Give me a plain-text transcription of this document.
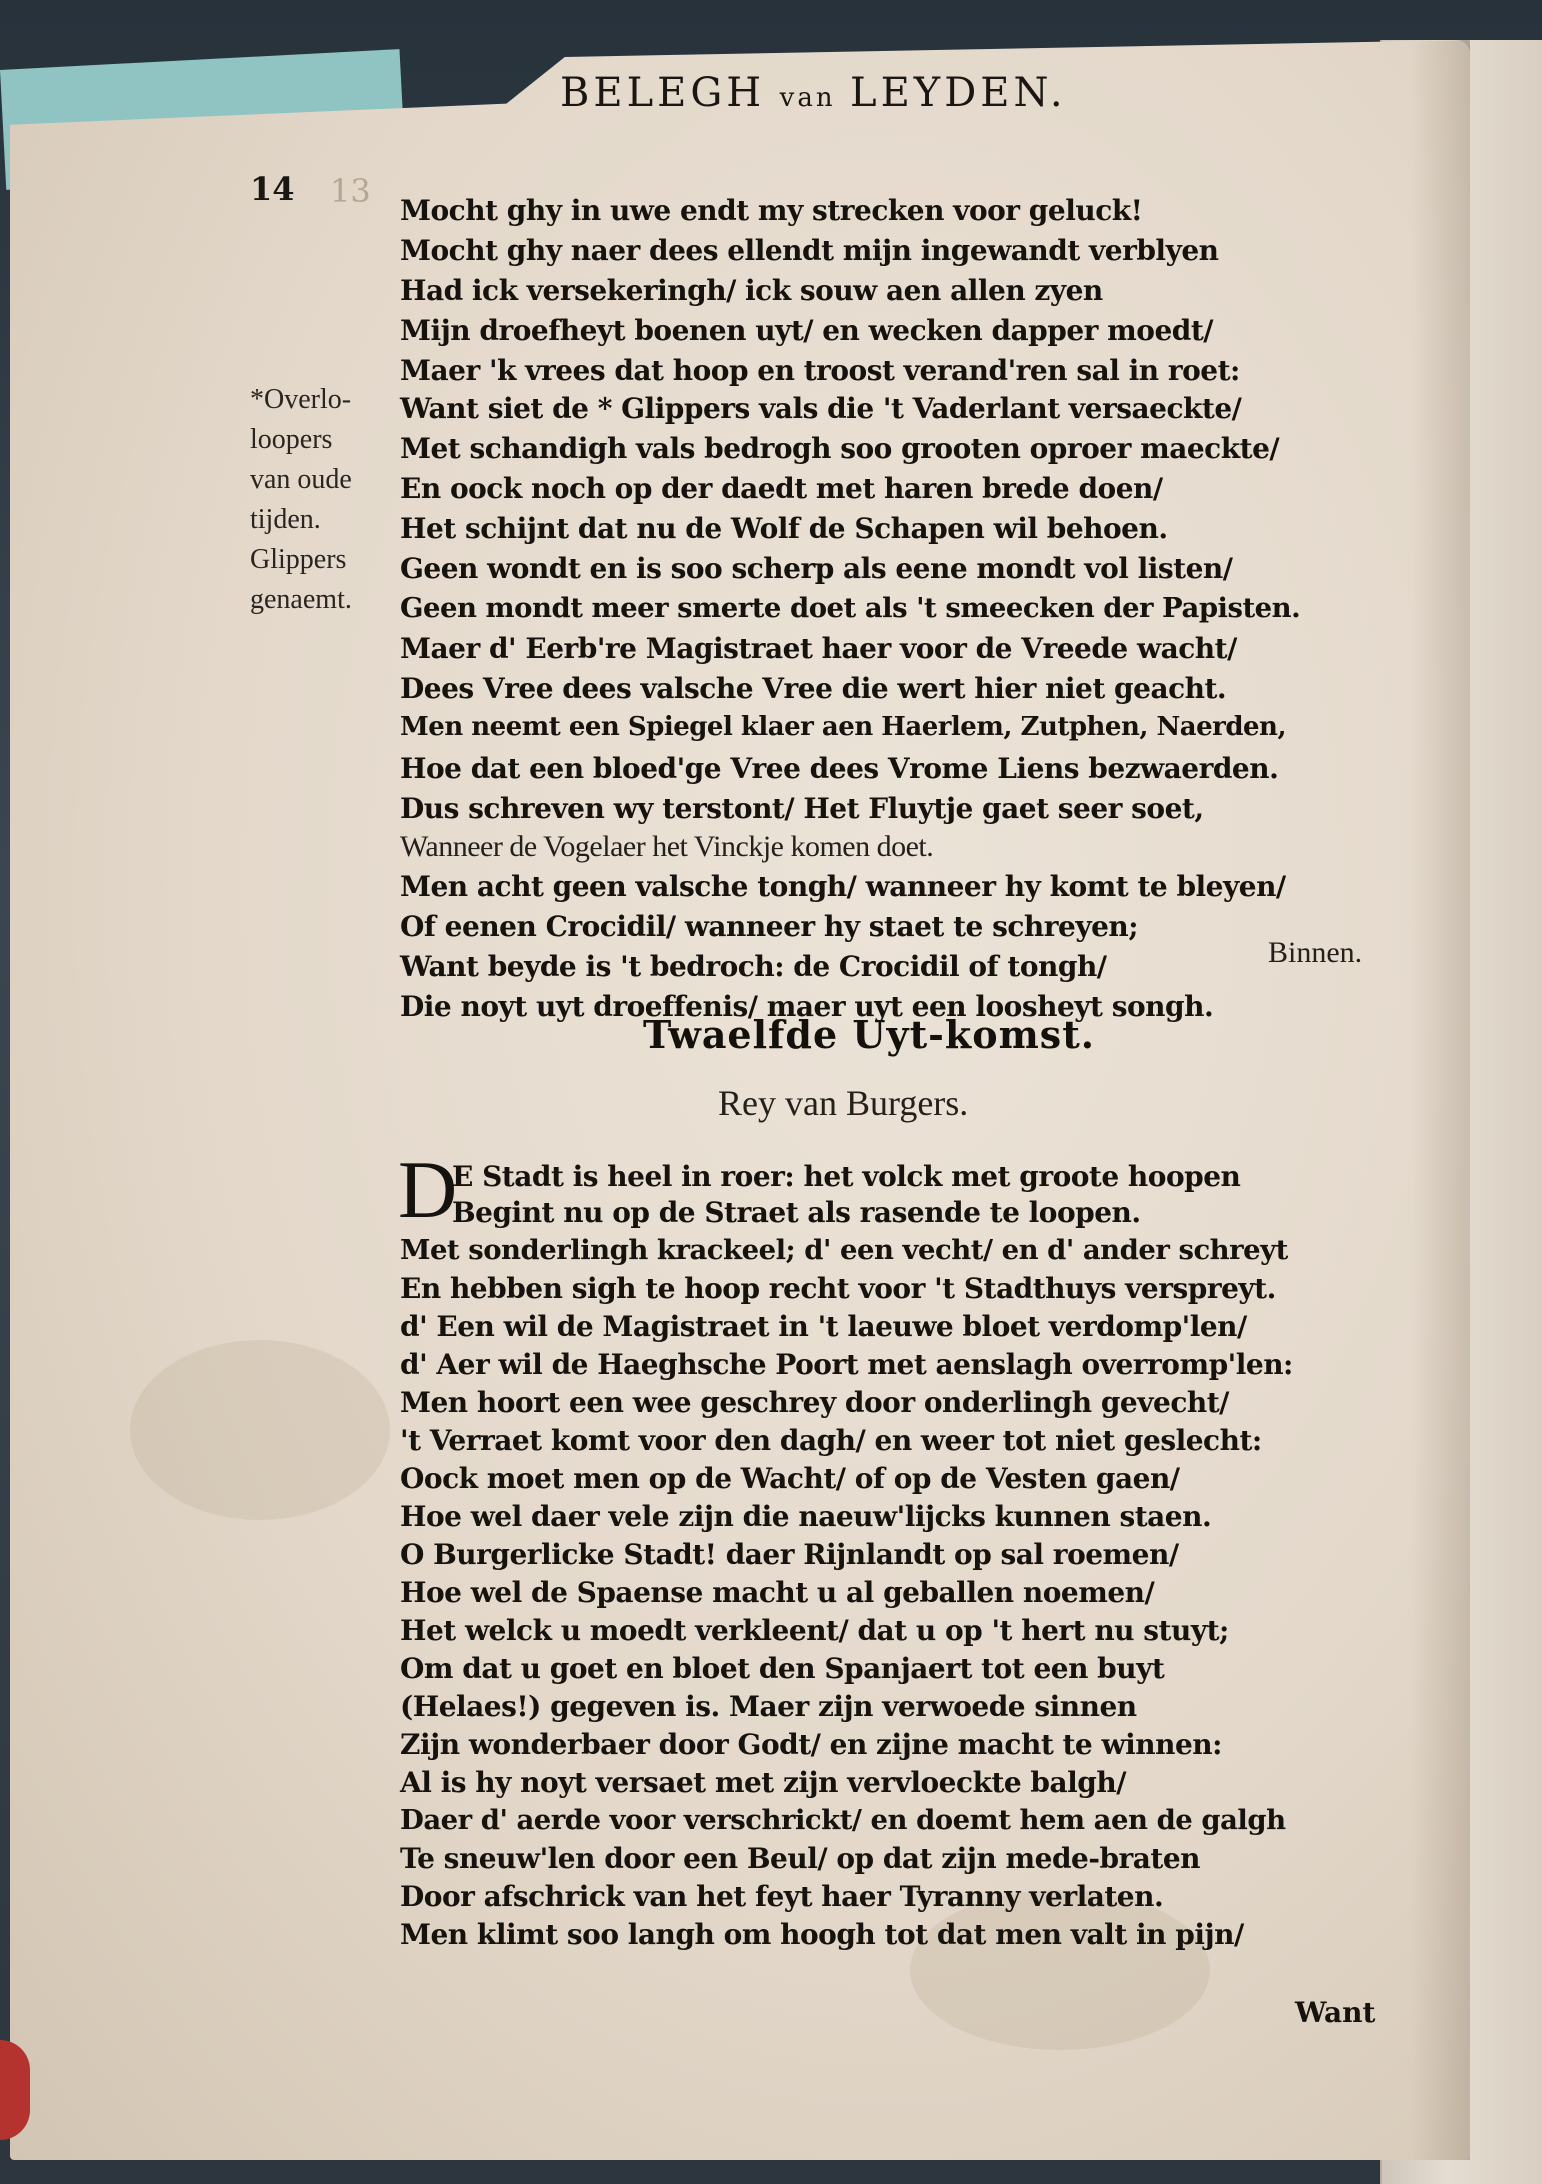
BELEGH van LEYDEN.
14 13
*Overlo-
loopers
van oude
tijden.
Glippers
genaemt.

Mocht ghy in uwe endt my strecken voor geluck!

Mocht ghy naer dees ellendt mijn ingewandt verblyen

Had ick versekeringh/ ick souw aen allen zyen

Mijn droefheyt boenen uyt/ en wecken dapper moedt/

Maer 'k vrees dat hoop en troost verand'ren sal in roet:

Want siet de * Glippers vals die 't Vaderlant versaeckte/

Met schandigh vals bedrogh soo grooten oproer maeckte/

En oock noch op der daedt met haren brede doen/

Het schijnt dat nu de Wolf de Schapen wil behoen.

Geen wondt en is soo scherp als eene mondt vol listen/

Geen mondt meer smerte doet als 't smeecken der Papisten.

Maer d' Eerb're Magistraet haer voor de Vreede wacht/

Dees Vree dees valsche Vree die wert hier niet geacht.

Men neemt een Spiegel klaer aen Haerlem, Zutphen, Naerden,

Hoe dat een bloed'ge Vree dees Vrome Liens bezwaerden.

Dus schreven wy terstont/ Het Fluytje gaet seer soet,

Wanneer de Vogelaer het Vinckje komen doet.

Men acht geen valsche tongh/ wanneer hy komt te bleyen/

Of eenen Crocidil/ wanneer hy staet te schreyen;

Want beyde is 't bedroch: de Crocidil of tongh/

Die noyt uyt droeffenis/ maer uyt een loosheyt songh.

Binnen.
Twaelfde Uyt-komst.
Rey van Burgers.
D

E Stadt is heel in roer: het volck met groote hoopen

Begint nu op de Straet als rasende te loopen.

Met sonderlingh krackeel; d' een vecht/ en d' ander schreyt

En hebben sigh te hoop recht voor 't Stadthuys verspreyt.

d' Een wil de Magistraet in 't laeuwe bloet verdomp'len/

d' Aer wil de Haeghsche Poort met aenslagh overromp'len:

Men hoort een wee geschrey door onderlingh gevecht/

't Verraet komt voor den dagh/ en weer tot niet geslecht:

Oock moet men op de Wacht/ of op de Vesten gaen/

Hoe wel daer vele zijn die naeuw'lijcks kunnen staen.

O Burgerlicke Stadt! daer Rijnlandt op sal roemen/

Hoe wel de Spaense macht u al geballen noemen/

Het welck u moedt verkleent/ dat u op 't hert nu stuyt;

Om dat u goet en bloet den Spanjaert tot een buyt

(Helaes!) gegeven is. Maer zijn verwoede sinnen

Zijn wonderbaer door Godt/ en zijne macht te winnen:

Al is hy noyt versaet met zijn vervloeckte balgh/

Daer d' aerde voor verschrickt/ en doemt hem aen de galgh

Te sneuw'len door een Beul/ op dat zijn mede-braten

Door afschrick van het feyt haer Tyranny verlaten.

Men klimt soo langh om hoogh tot dat men valt in pijn/

Want
